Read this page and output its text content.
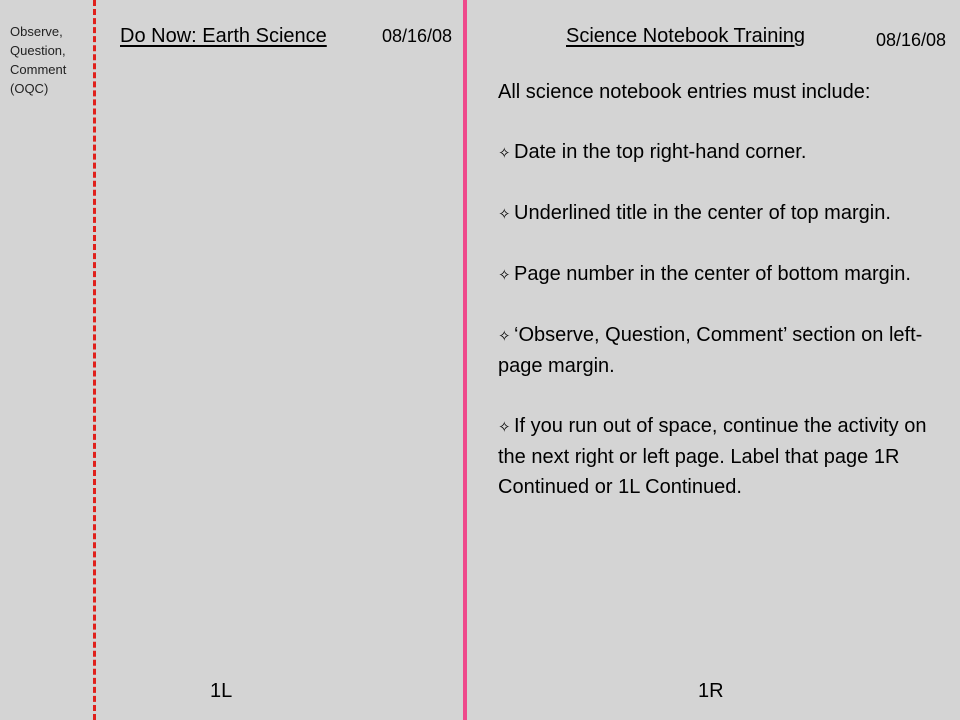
Observe,
Question,
Comment
(OQC)
Do Now: Earth Science	08/16/08	Science Notebook Training	08/16/08
All science notebook entries must include:
✧ Date in the top right-hand corner.
✧ Underlined title in the center of top margin.
✧ Page number in the center of bottom margin.
✧ ‘Observe, Question, Comment’ section on left-page margin.
✧ If you run out of space, continue the activity on the next right or left page. Label that page 1R Continued or 1L Continued.
1L	1R
